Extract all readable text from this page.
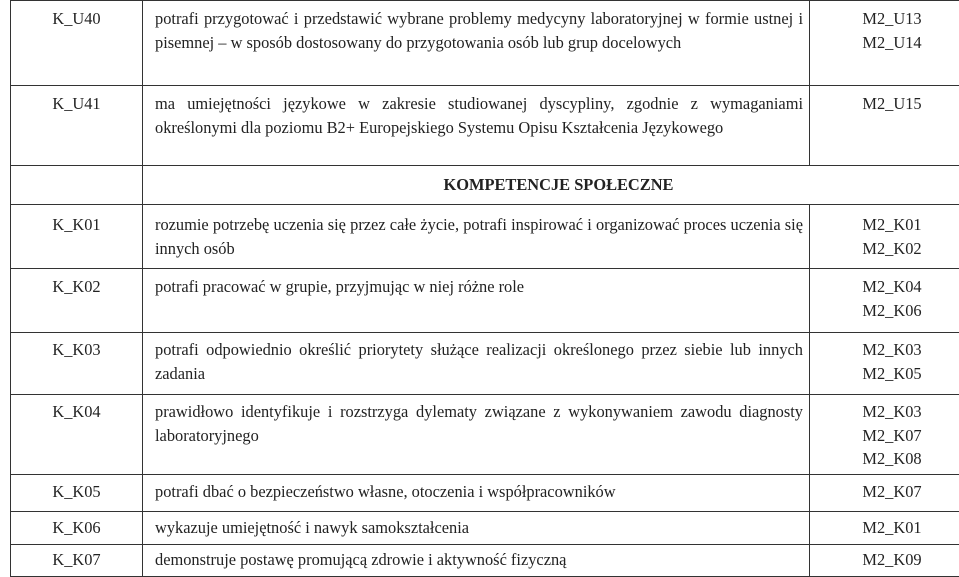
K_U40	potrafi przygotować i przedstawić wybrane problemy medycyny laboratoryjnej w formie ustnej i pisemnej – w sposób dostosowany do przygotowania osób lub grup docelowych	M2_U13
M2_U14

K_U41	ma umiejętności językowe w zakresie studiowanej dyscypliny, zgodnie z wymaganiami określonymi dla poziomu B2+ Europejskiego Systemu Opisu Kształcenia Językowego	M2_U15

	KOMPETENCJE SPOŁECZNE	
K_K01	rozumie potrzebę uczenia się przez całe życie, potrafi inspirować i organizować proces uczenia się innych osób	M2_K01
M2_K02

K_K02	potrafi pracować w grupie, przyjmując w niej różne role	M2_K04
M2_K06

K_K03	potrafi odpowiednio określić priorytety służące realizacji określonego przez siebie lub innych zadania	M2_K03
M2_K05

K_K04	prawidłowo identyfikuje i rozstrzyga dylematy związane z wykonywaniem zawodu diagnosty laboratoryjnego	M2_K03
M2_K07
M2_K08

K_K05	potrafi dbać o bezpieczeństwo własne, otoczenia i współpracowników	M2_K07

K_K06	wykazuje umiejętność i nawyk samokształcenia	M2_K01

K_K07	demonstruje postawę promującą zdrowie i aktywność fizyczną	M2_K09
